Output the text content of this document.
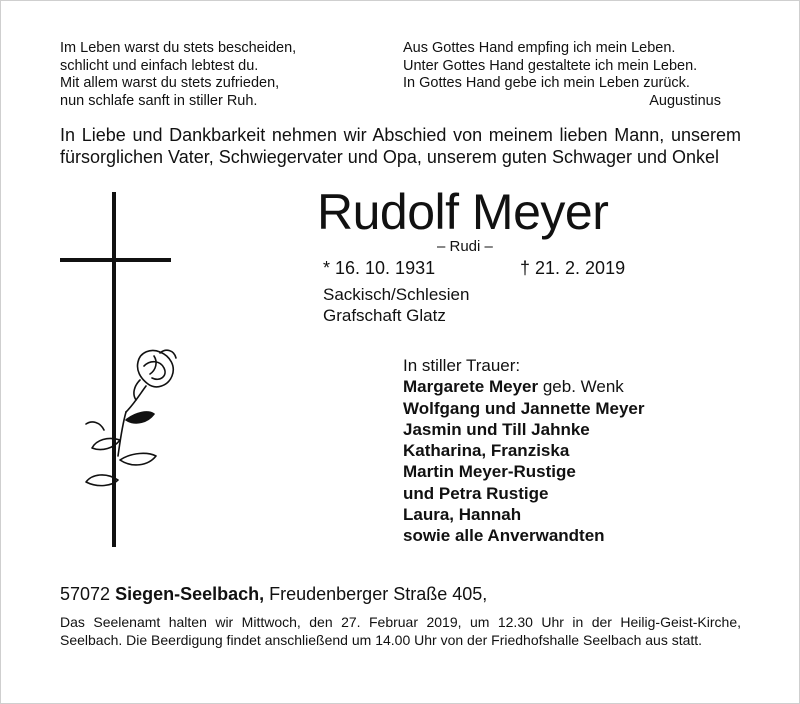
Im Leben warst du stets bescheiden,
schlicht und einfach lebtest du.
Mit allem warst du stets zufrieden,
nun schlafe sanft in stiller Ruh.
Aus Gottes Hand empfing ich mein Leben.
Unter Gottes Hand gestaltete ich mein Leben.
In Gottes Hand gebe ich mein Leben zurück.
Augustinus
In Liebe und Dankbarkeit nehmen wir Abschied von meinem lieben Mann, unserem fürsorglichen Vater, Schwiegervater und Opa, unserem guten Schwager und Onkel
Rudolf Meyer
– Rudi –
* 16. 10. 1931	† 21. 2. 2019
Sackisch/Schlesien
Grafschaft Glatz
In stiller Trauer:
Margarete Meyer geb. Wenk
Wolfgang und Jannette Meyer
Jasmin und Till Jahnke
Katharina, Franziska
Martin Meyer-Rustige
und Petra Rustige
Laura, Hannah
sowie alle Anverwandten
57072 Siegen-Seelbach, Freudenberger Straße 405,
Das Seelenamt halten wir Mittwoch, den 27. Februar 2019, um 12.30 Uhr in der Heilig-Geist-Kirche, Seelbach. Die Beerdigung findet anschließend um 14.00 Uhr von der Friedhofshalle Seelbach aus statt.
